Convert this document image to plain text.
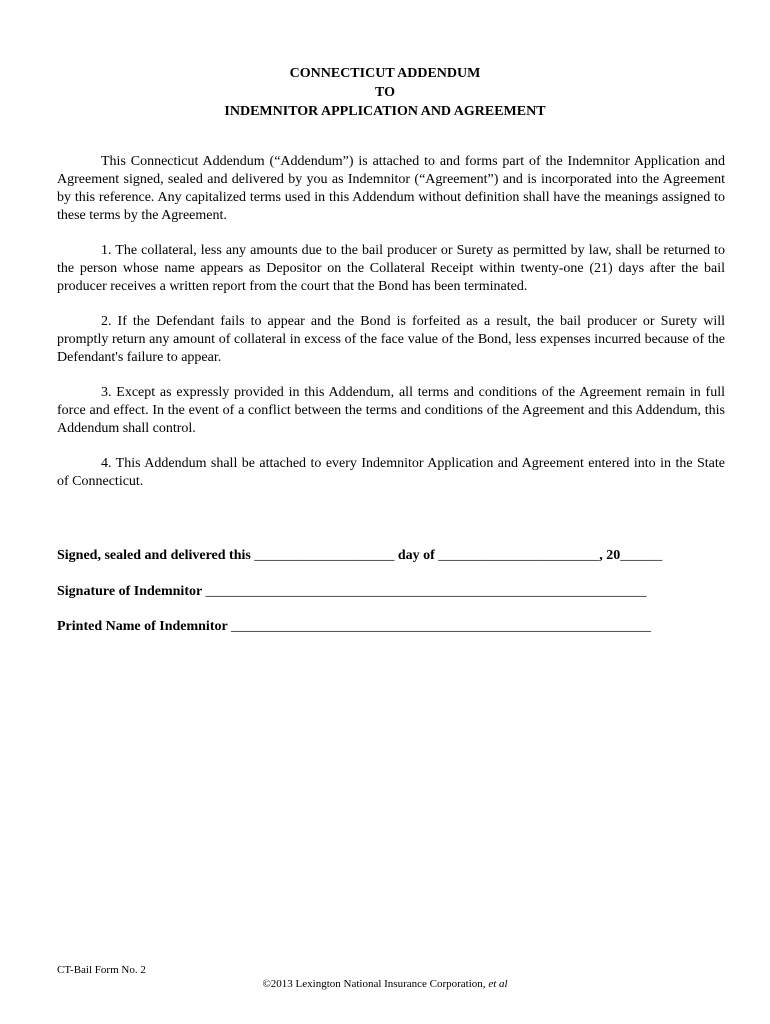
CONNECTICUT ADDENDUM
TO
INDEMNITOR APPLICATION AND AGREEMENT

This Connecticut Addendum (“Addendum”) is attached to and forms part of the Indemnitor Application and Agreement signed, sealed and delivered by you as Indemnitor (“Agreement”) and is incorporated into the Agreement by this reference. Any capitalized terms used in this Addendum without definition shall have the meanings assigned to these terms by the Agreement.

1. The collateral, less any amounts due to the bail producer or Surety as permitted by law, shall be returned to the person whose name appears as Depositor on the Collateral Receipt within twenty-one (21) days after the bail producer receives a written report from the court that the Bond has been terminated.

2. If the Defendant fails to appear and the Bond is forfeited as a result, the bail producer or Surety will promptly return any amount of collateral in excess of the face value of the Bond, less expenses incurred because of the Defendant's failure to appear.

3. Except as expressly provided in this Addendum, all terms and conditions of the Agreement remain in full force and effect. In the event of a conflict between the terms and conditions of the Agreement and this Addendum, this Addendum shall control.

4. This Addendum shall be attached to every Indemnitor Application and Agreement entered into in the State of Connecticut.

Signed, sealed and delivered this ____________________ day of _______________________, 20______
Signature of Indemnitor _______________________________________________________________
Printed Name of Indemnitor ____________________________________________________________
CT-Bail Form No. 2
©2013 Lexington National Insurance Corporation, et al
